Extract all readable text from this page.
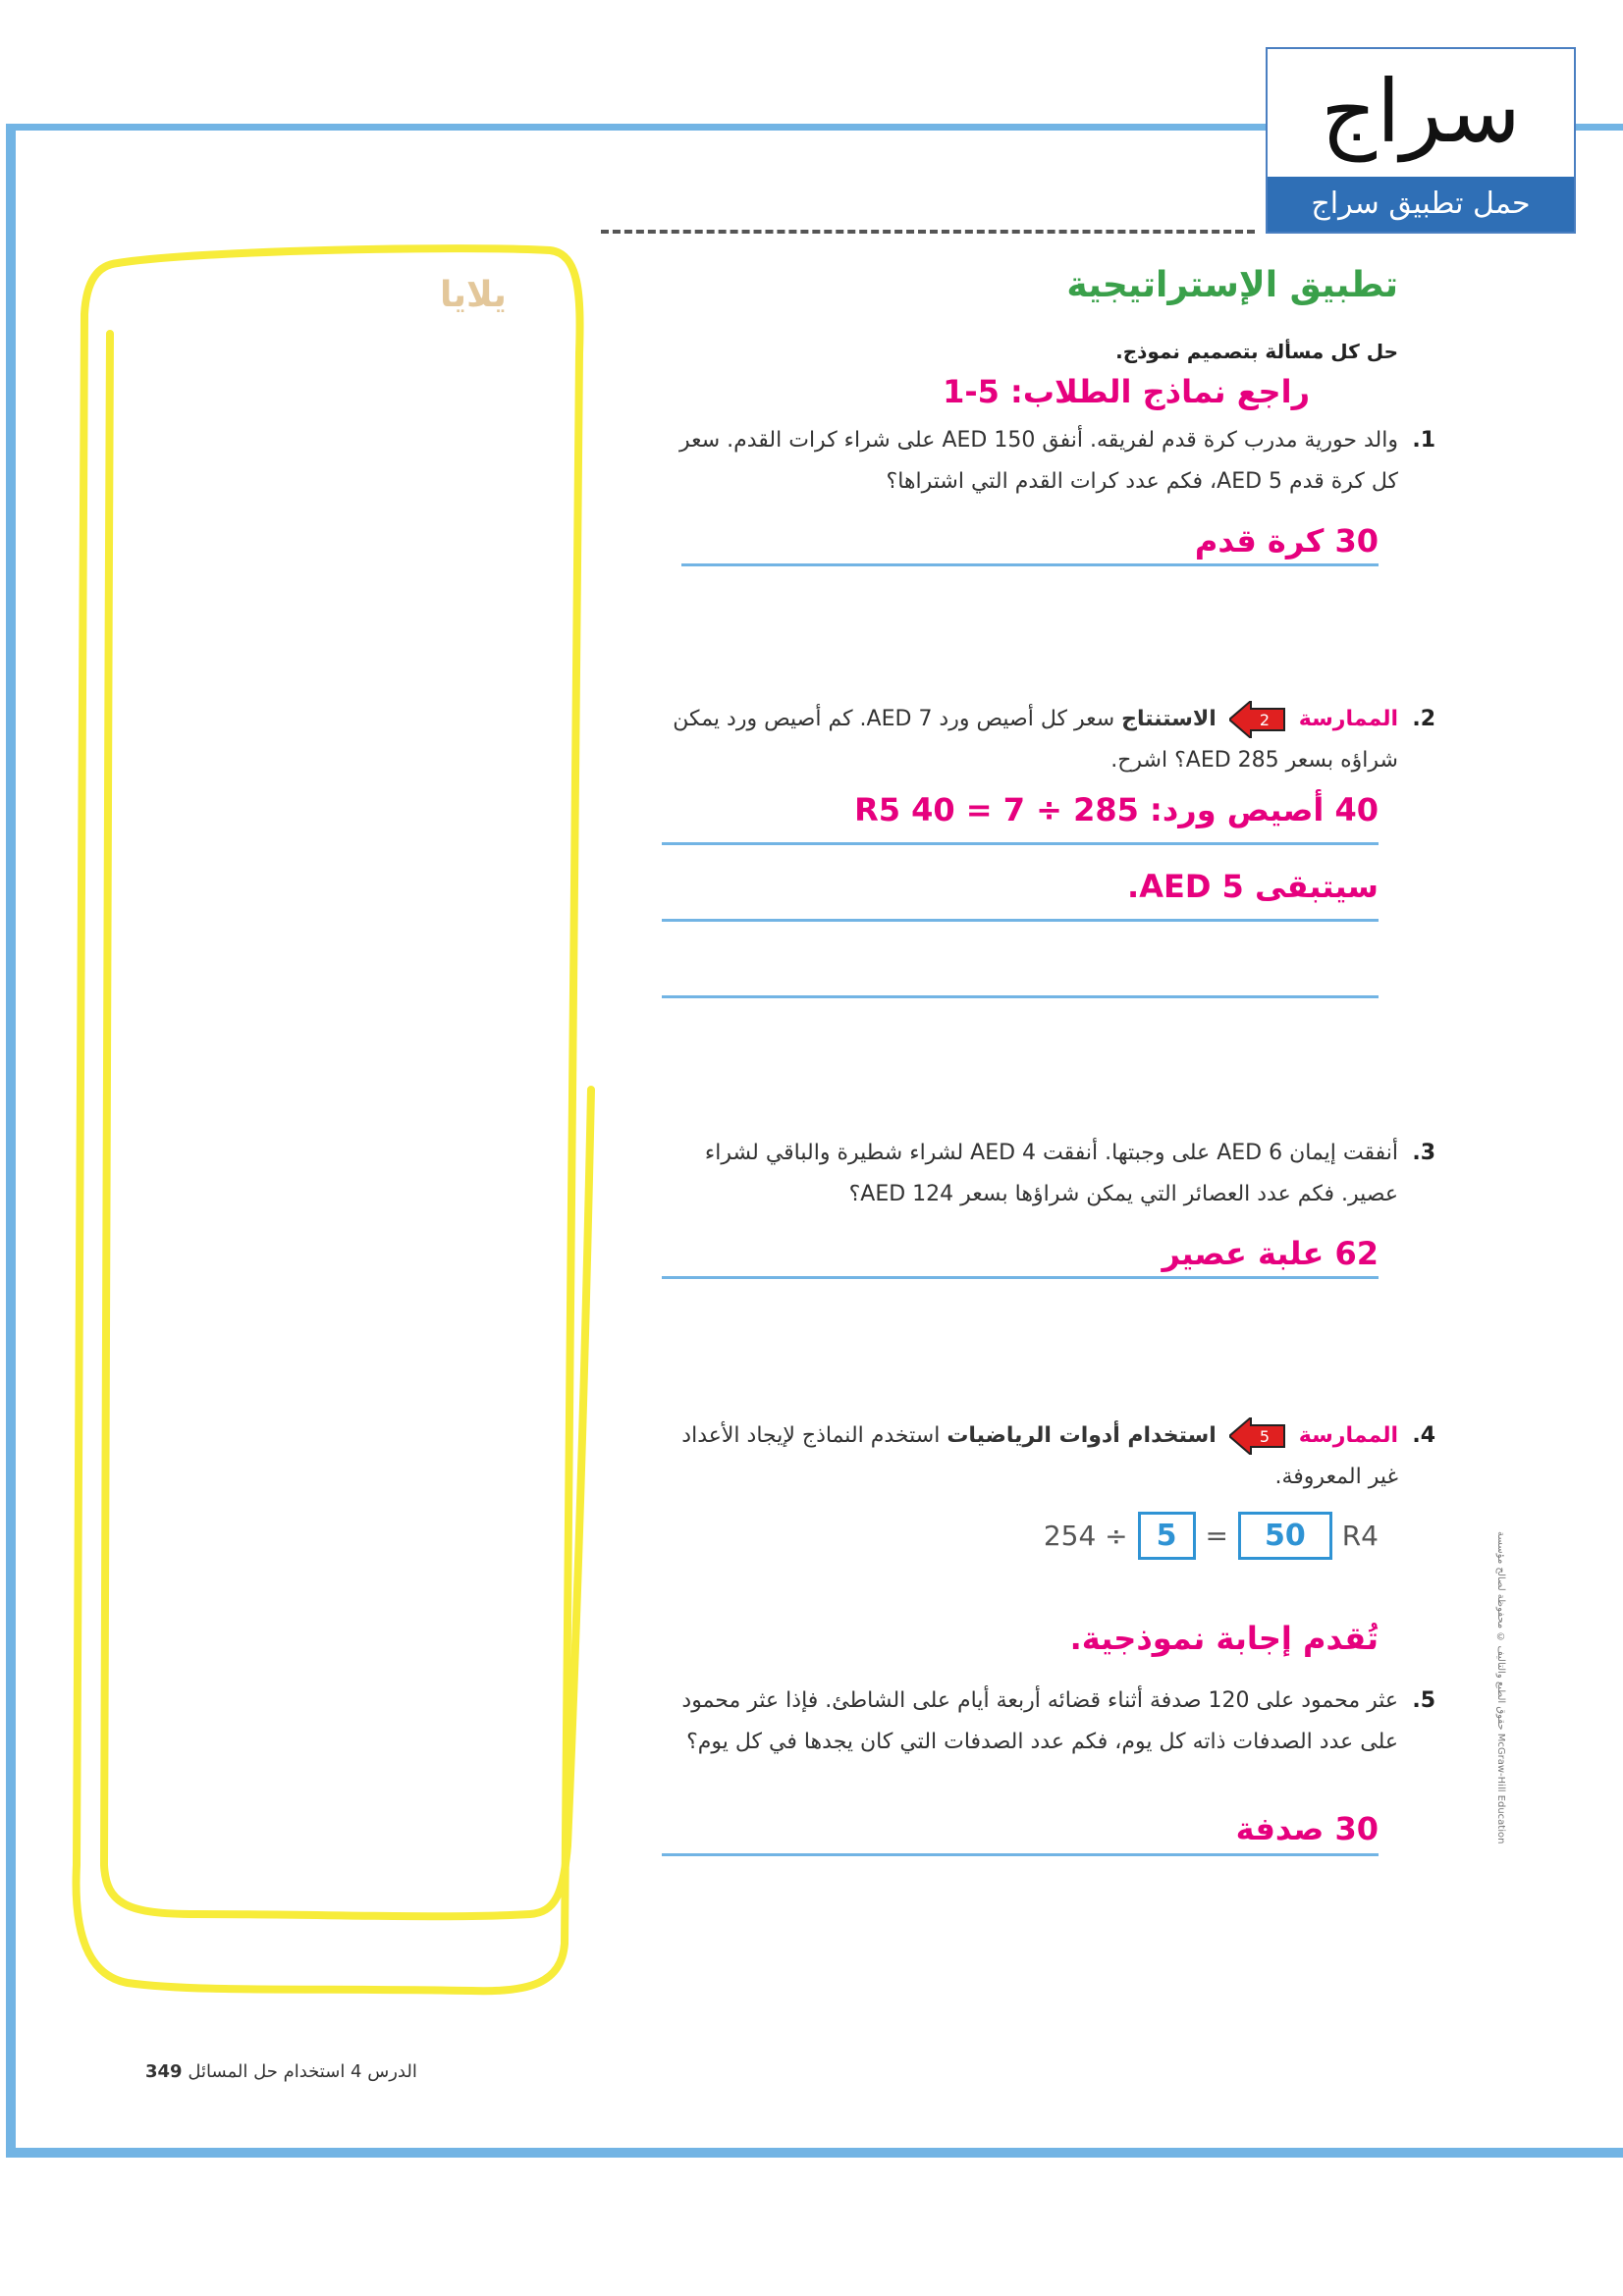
سراج
حمل تطبيق سراج
يلايا	تطبيق الإستراتيجية
حل كل مسألة بتصميم نموذج.
راجع نماذج الطلاب: 5-1
1.
والد حورية مدرب كرة قدم لفريقه. أنفق 150 AED على شراء كرات القدم. سعر كل كرة قدم 5 AED، فكم عدد كرات القدم التي اشتراها؟
30 كرة قدم
2.
الممارسة
2
الاستنتاج سعر كل أصيص ورد 7 AED. كم أصيص ورد يمكن شراؤه بسعر 285 AED؟ اشرح.
40 أصيص ورد: 285 ÷ 7 = 40 R5
سيتبقى 5 AED.
3.
أنفقت إيمان 6 AED على وجبتها. أنفقت 4 AED لشراء شطيرة والباقي لشراء عصير. فكم عدد العصائر التي يمكن شراؤها بسعر 124 AED؟
62 علبة عصير
4.
الممارسة
5
استخدام أدوات الرياضيات استخدم النماذج لإيجاد الأعداد غير المعروفة.
254 ÷ 5	=	50	R4
تُقدم إجابة نموذجية.
5.
عثر محمود على 120 صدفة أثناء قضائه أربعة أيام على الشاطئ. فإذا عثر محمود على عدد الصدفات ذاته كل يوم، فكم عدد الصدفات التي كان يجدها في كل يوم؟
30 صدفة
حقوق الطبع والتأليف © محفوظة لصالح مؤسسة McGraw-Hill Education
الدرس 4 استخدام حل المسائل 349
